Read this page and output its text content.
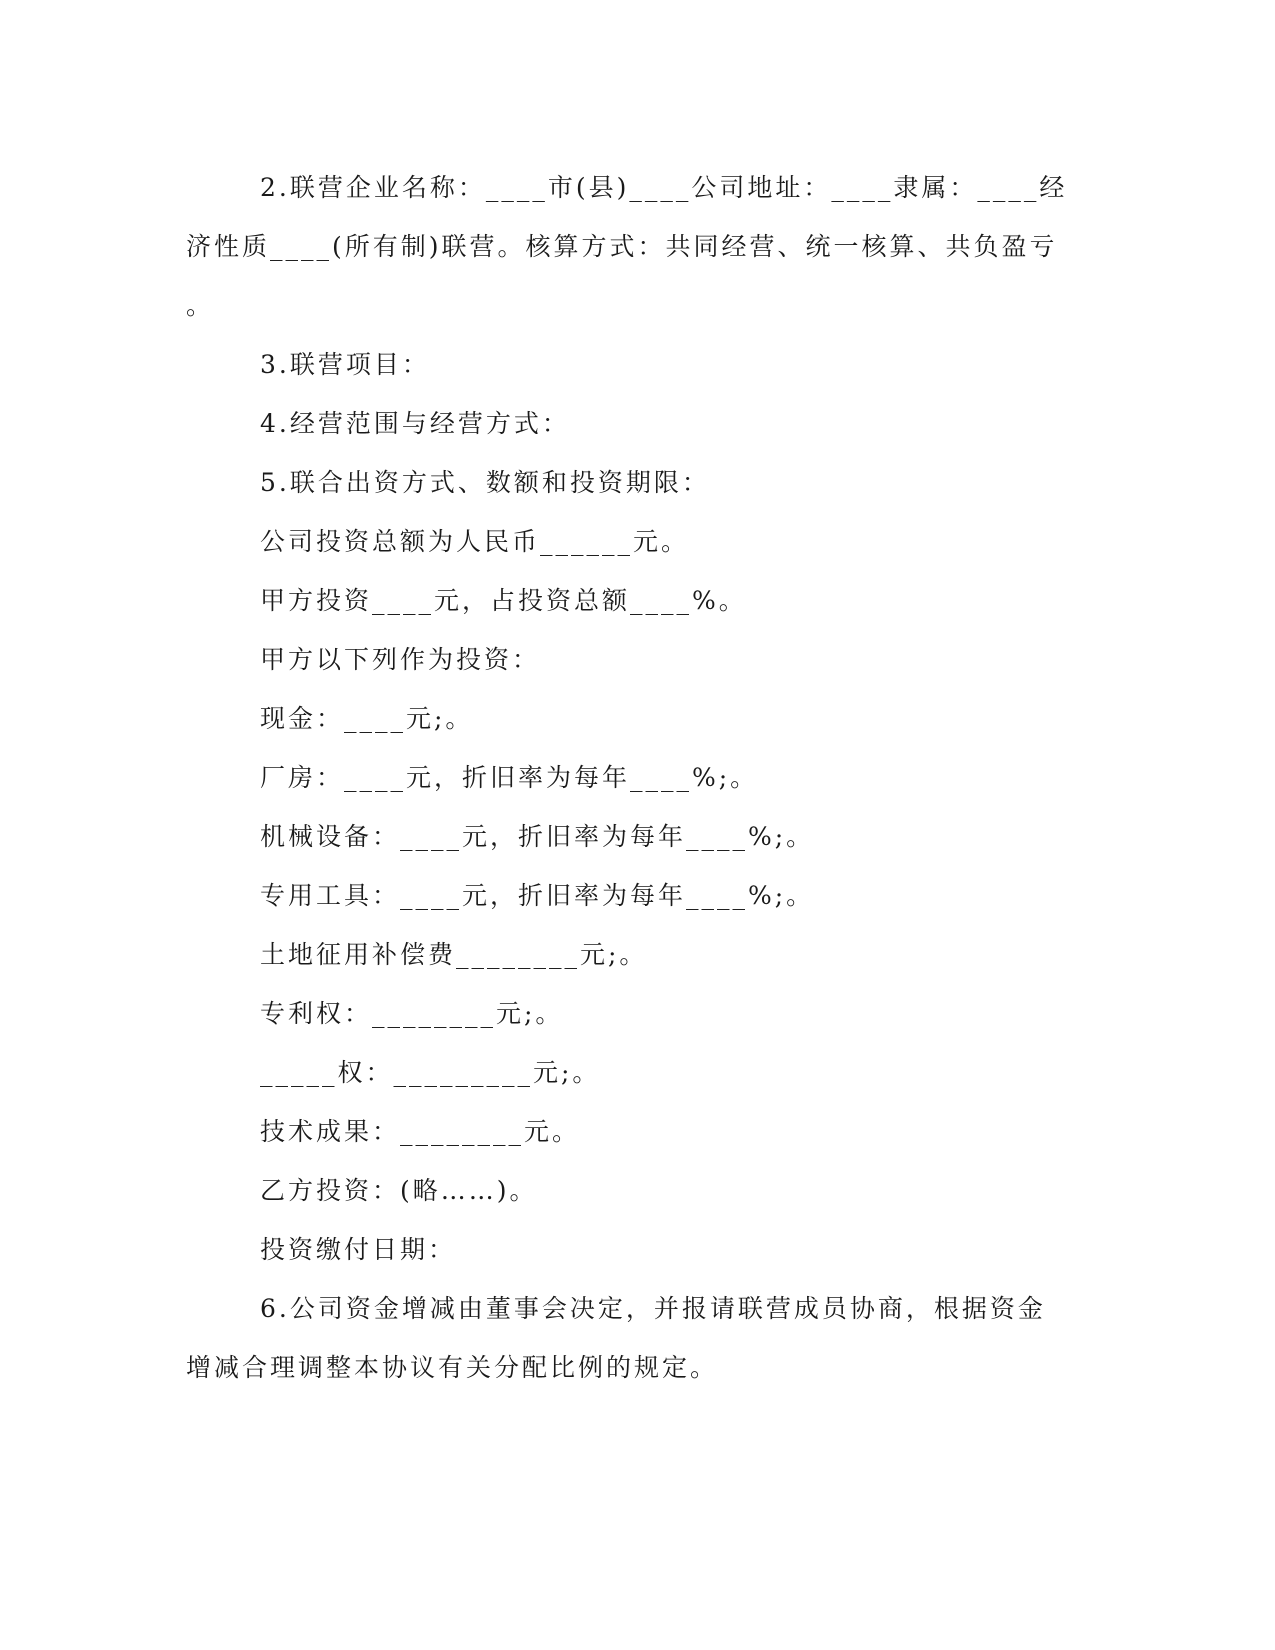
2.联营企业名称：____市(县)____公司地址：____隶属：____经
济性质____(所有制)联营。核算方式：共同经营、统一核算、共负盈亏
。
3.联营项目：
4.经营范围与经营方式：
5.联合出资方式、数额和投资期限：
公司投资总额为人民币______元。
甲方投资____元，占投资总额____%。
甲方以下列作为投资：
现金：____元;。
厂房：____元，折旧率为每年____%;。
机械设备：____元，折旧率为每年____%;。
专用工具：____元，折旧率为每年____%;。
土地征用补偿费________元;。
专利权：________元;。
_____权：_________元;。
技术成果：________元。
乙方投资：(略……)。
投资缴付日期：
6.公司资金增减由董事会决定，并报请联营成员协商，根据资金
增减合理调整本协议有关分配比例的规定。
